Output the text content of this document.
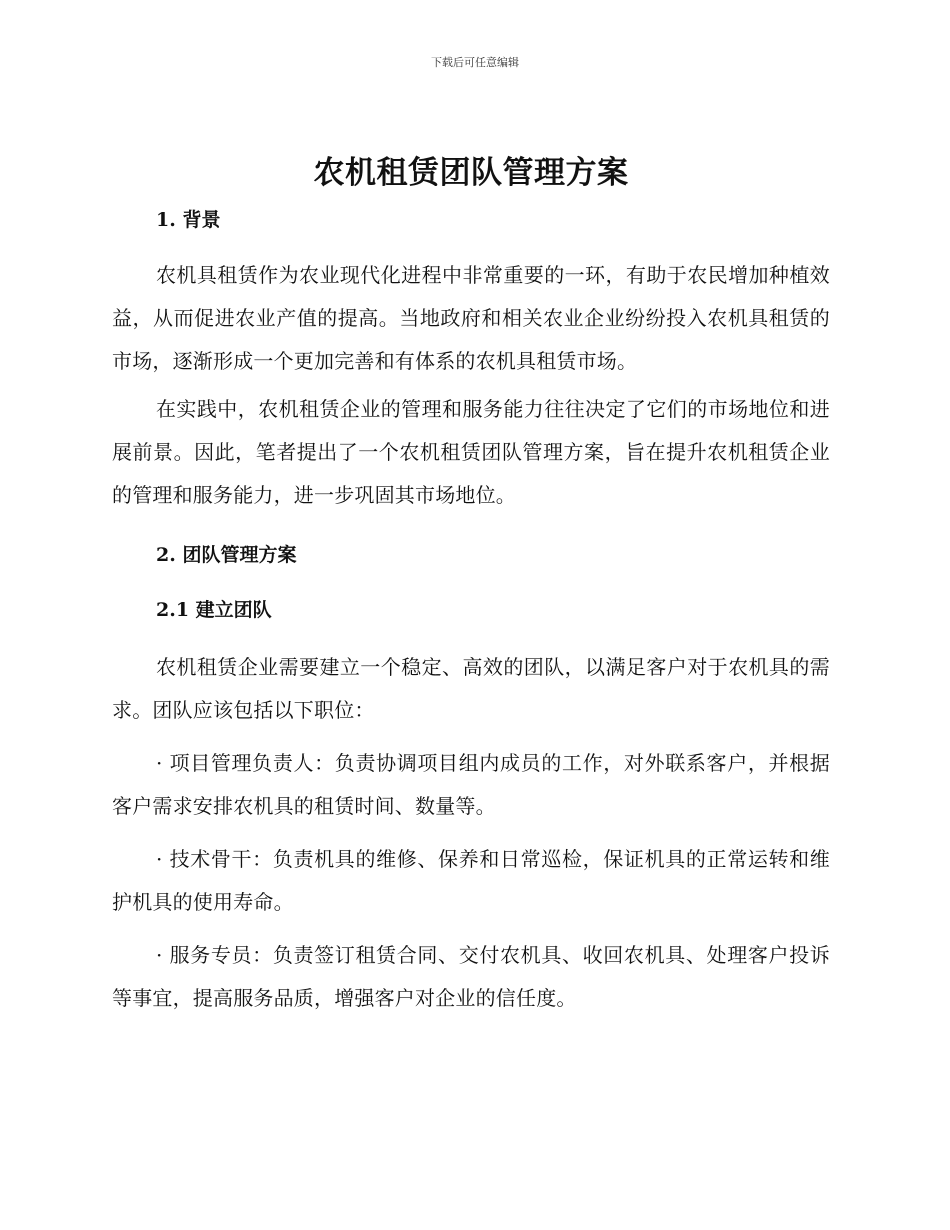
下载后可任意编辑
农机租赁团队管理方案
1. 背景

农机具租赁作为农业现代化进程中非常重要的一环，有助于农民增加种植效益，从而促进农业产值的提高。当地政府和相关农业企业纷纷投入农机具租赁的市场，逐渐形成一个更加完善和有体系的农机具租赁市场。

在实践中，农机租赁企业的管理和服务能力往往决定了它们的市场地位和进展前景。因此，笔者提出了一个农机租赁团队管理方案，旨在提升农机租赁企业的管理和服务能力，进一步巩固其市场地位。

2. 团队管理方案
2.1 建立团队

农机租赁企业需要建立一个稳定、高效的团队，以满足客户对于农机具的需求。团队应该包括以下职位：

· 项目管理负责人：负责协调项目组内成员的工作，对外联系客户，并根据客户需求安排农机具的租赁时间、数量等。

· 技术骨干：负责机具的维修、保养和日常巡检，保证机具的正常运转和维护机具的使用寿命。

· 服务专员：负责签订租赁合同、交付农机具、收回农机具、处理客户投诉等事宜，提高服务品质，增强客户对企业的信任度。
